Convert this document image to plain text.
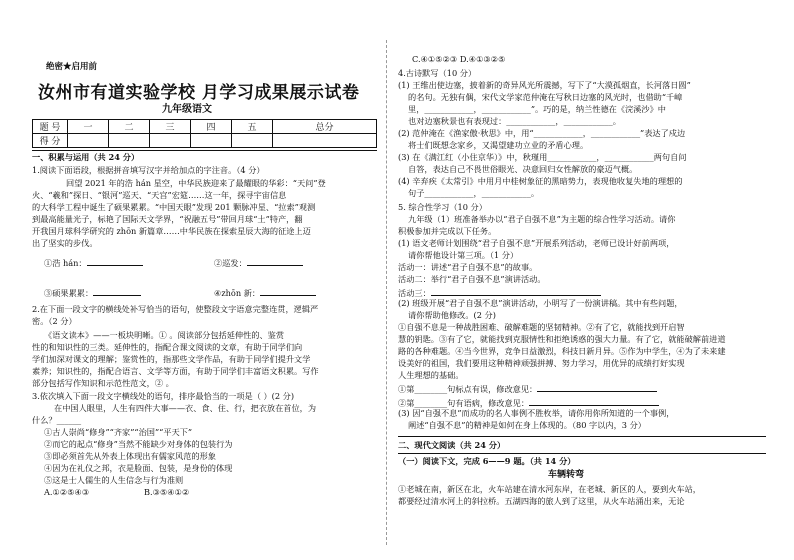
绝密★启用前
汝州市有道实验学校 月学习成果展示试卷
九年级语文
题 号	一	二	三	四	五	总分
得 分						
一、积累与运用（共 24 分）
1.阅读下面语段，根据拼音填写汉字并给加点的字注音。（4 分）
回望 2021 年的浩 hán 星空，中华民族迎来了最耀眼的华彩：“天问”登
火、“羲和”探日、“银河”巡天、“天宫”宏筵……这一年，探寻宇宙信息
的大科学工程中诞生了硕果累累。“中国天眼”发现 201 颗脉冲星、“拉索”观测
到最高能量光子，标艳了国际天文学界，“祝融五号”带回月球“土”特产，翻
开我国月球科学研究的 zhōn 新篇章……中华民族在探索星辰大海的征途上迈
出了坚实的步伐。
①浩 hán：	②巡发：
③硕果累累：	④zhōn 新：
2.在下面一段文字的横线处补写恰当的语句，使整段文字语意完整连贯，逻辑严
密。（2 分）
《语文读本》——一板块明晰。① 。阅读部分包括延伸性的、鉴赏
性的和知识性的三类。延伸性的，指配合课文阅读的文章，有助于同学们向
学们加深对课文的理解；鉴赏性的，指那些文学作品，有助于同学们提升文学
素养；知识性的，指配合语言、文学等方面，有助于同学们丰富语文积累。写作
部分包括写作知识和示范性范文，② 。
3.依次填入下面一段文字横线处的语句，排序最恰当的一项是（ ）(2 分)
在中国人眼里，人生有四件大事——衣、食、住、行，把衣放在首位，为
什么？______
①古人崇尚“修身”“齐家”“治国”“平天下”
②而它的起点“修身”当然不能缺少对身体的包装行为
③即必须首先从外表上体现出有儒家风范的形象
④因为在礼仪之邦，衣是脸面、包装，是身份的体现
⑤这是士人儒生的人生信念与行为准则
A.①②⑤④③	B.③⑤④①②
C.④①⑤②③ D.④①③②⑤
4.古诗默写（10 分）
(1) 王维出使边塞，披着新的奇异风光所震撼，写下了“大漠孤烟直，长河落日圆”
的名句。无独有偶，宋代文学家范仲淹在写秋日边塞的风光时，也借助“千嶂
里，____________，____________”。巧的是，纳兰性德在《浣溪沙》中
也对边塞秋景也有表现过：____________，____________。
(2) 范仲淹在《渔家傲·秋思》中，用“____________，____________”表达了戍边
将士们既想念家乡，又渴望建功立业的矛盾心理。
(3) 在《满江红（小住京华）》中，秋瑾用____________，____________两句自问
自答，表达自己不畏世俗眼光、决意回归女性解放的豪迈气概。
(4) 辛弃疾《太常引》中用月中桂树象征的黑暗势力，表现他收复失地的理想的
句子____________，____________。
5. 综合性学习（10 分）
九年级（1）班准备举办以“君子自强不息”为主题的综合性学习活动。请你
积极参加并完成以下任务。
(1) 语文老师计划围绕“君子自强不息”开展系列活动，老师已设计好前两项，
请你帮他设计第三项。（1 分）
活动一：讲述“君子自强不息”的故事。
活动二：举行“君子自强不息”演讲活动。
活动三：
(2) 班级开展“君子自强不息”演讲活动，小明写了一份演讲稿。其中有些问题，
请你帮助他修改。(2 分)
①自强不息是一种战胜困难、破解难题的坚韧精神。②有了它，就能找到开启智
慧的钥匙。③有了它，就能找到克服情性和拒绝诱惑的强大力量。有了它，就能破解前进道
路的各种难题。④当今世界，竞争日益激烈，科技日新月异。⑤作为中学生，④为了未来建
设美好的祖国，我们要用这种精神顽强拼搏、努力学习，用优异的成绩打好实现
人生理想的基础。
①第________句标点有误，修改意见：
②第________句有语病，修改意见：
(3) 因“自强不息”而成功的名人事例不胜枚举，请你用你所知道的一个事例，
阐述“自强不息”的精神是如何在身上体现的。（80 字以内，3 分）
二、现代文阅读（共 24 分）
（一）阅读下文，完成 6——9 题。（共 14 分）
车辆转弯
①老城在南，新区在北，火车站建在清水河东岸，在老城、新区的人，要到火车站，
都要经过清水河上的斜拉桥。五湖四海的旅人到了这里，从火车站涌出来，无论
